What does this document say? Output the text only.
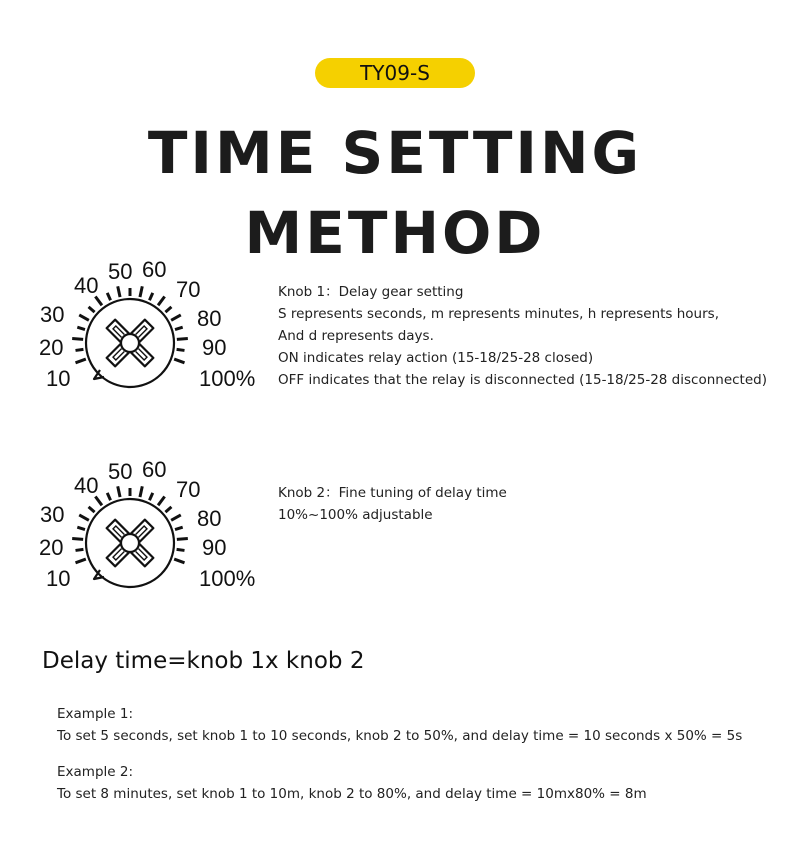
TY09-S
TIME SETTING METHOD
10
20
30
40
50 60
70
80
90
100%
Knob 1：Delay gear setting
S represents seconds, m represents minutes, h represents hours,
And d represents days.
ON indicates relay action (15-18/25-28 closed)
OFF indicates that the relay is disconnected (15-18/25-28 disconnected)
10
20
30
40
50 60
70
80
90
100%
Knob 2：Fine tuning of delay time
10%~100% adjustable
Delay time=knob 1x knob 2
Example 1:
To set 5 seconds, set knob 1 to 10 seconds, knob 2 to 50%, and delay time = 10 seconds x 50% = 5s
Example 2:
To set 8 minutes, set knob 1 to 10m, knob 2 to 80%, and delay time = 10mx80% = 8m
